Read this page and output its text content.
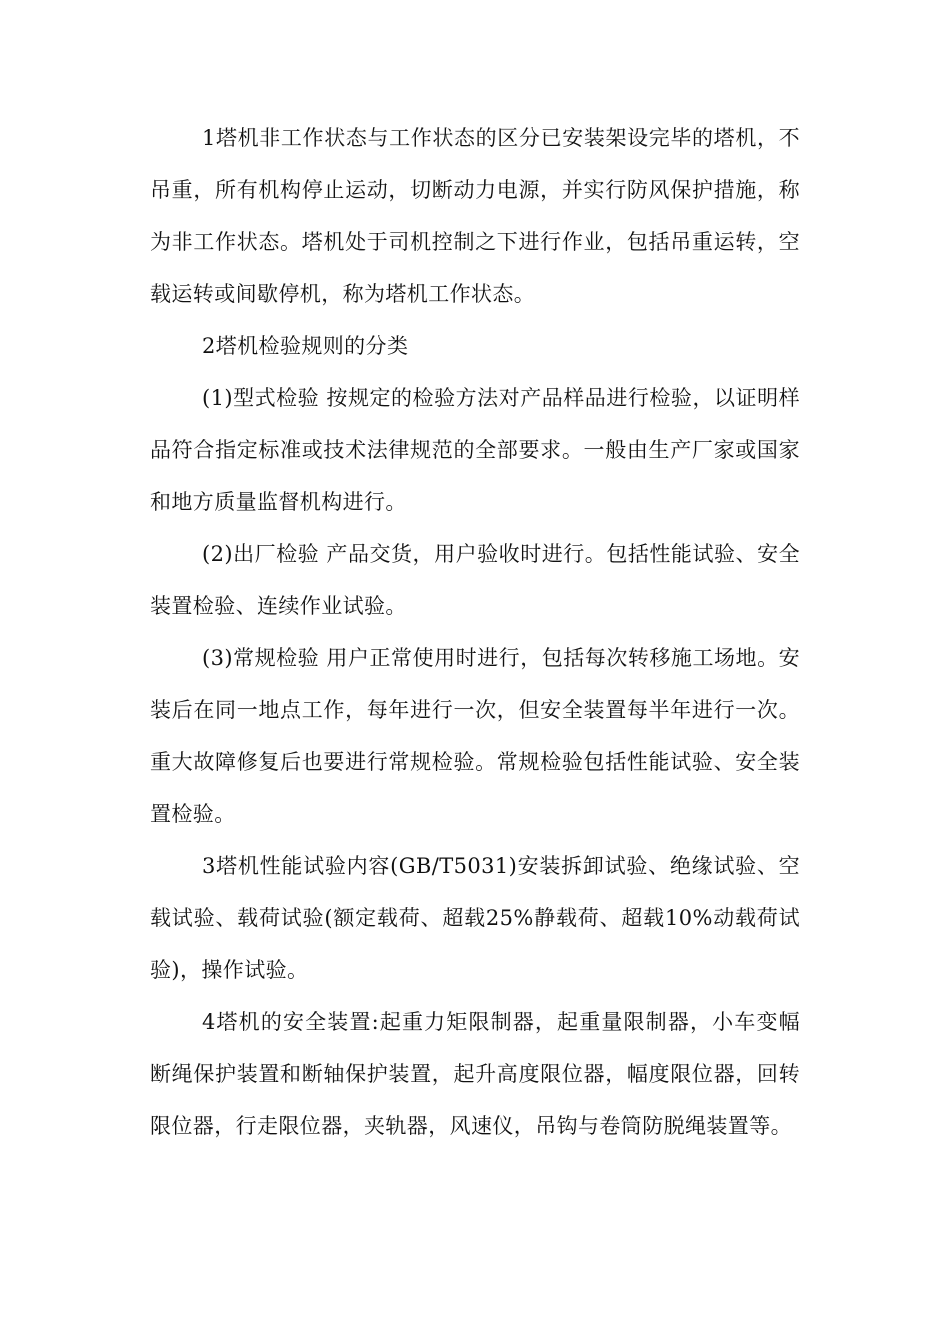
1塔机非工作状态与工作状态的区分已安装架设完毕的塔机，不吊重，所有机构停止运动，切断动力电源，并实行防风保护措施，称为非工作状态。塔机处于司机控制之下进行作业，包括吊重运转，空载运转或间歇停机，称为塔机工作状态。

2塔机检验规则的分类

(1)型式检验 按规定的检验方法对产品样品进行检验，以证明样品符合指定标准或技术法律规范的全部要求。一般由生产厂家或国家和地方质量监督机构进行。

(2)出厂检验 产品交货，用户验收时进行。包括性能试验、安全装置检验、连续作业试验。

(3)常规检验 用户正常使用时进行，包括每次转移施工场地。安装后在同一地点工作，每年进行一次，但安全装置每半年进行一次。重大故障修复后也要进行常规检验。常规检验包括性能试验、安全装置检验。

3塔机性能试验内容(GB/T5031)安装拆卸试验、绝缘试验、空载试验、载荷试验(额定载荷、超载25%静载荷、超载10%动载荷试验)，操作试验。

4塔机的安全装置:起重力矩限制器，起重量限制器，小车变幅断绳保护装置和断轴保护装置，起升高度限位器，幅度限位器，回转限位器，行走限位器，夹轨器，风速仪，吊钩与卷筒防脱绳装置等。
